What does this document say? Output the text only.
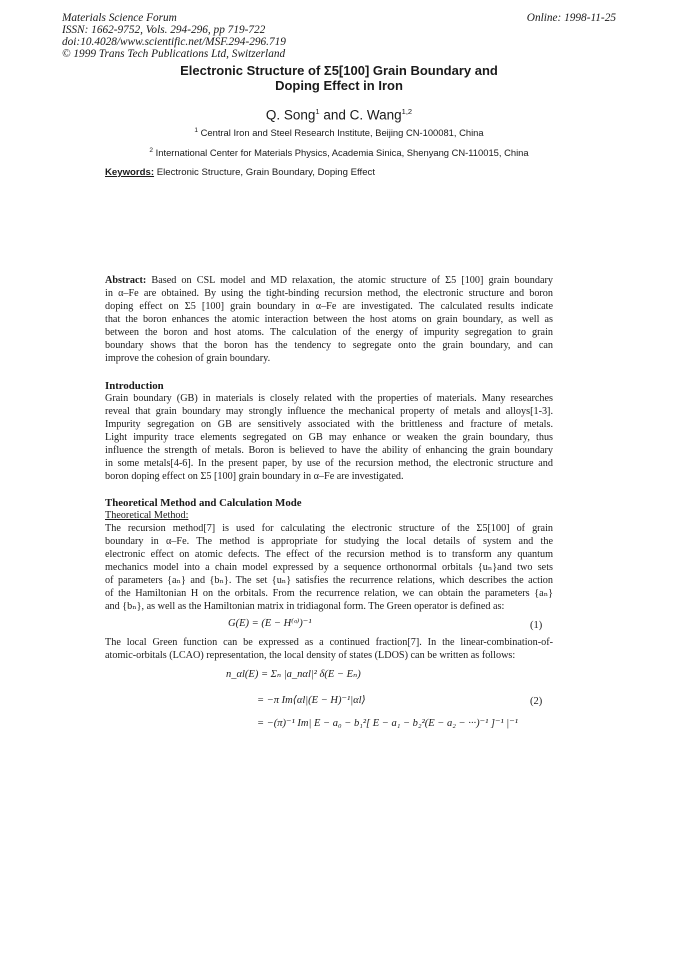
Materials Science Forum
ISSN: 1662-9752, Vols. 294-296, pp 719-722
doi:10.4028/www.scientific.net/MSF.294-296.719
© 1999 Trans Tech Publications Ltd, Switzerland
Online: 1998-11-25
Electronic Structure of Σ5[100] Grain Boundary and
Doping Effect in Iron
Q. Song$^1$ and C. Wang$^{1,2}$
$^1$ Central Iron and Steel Research Institute, Beijing CN-100081, China
$^2$ International Center for Materials Physics, Academia Sinica, Shenyang CN-110015, China
Keywords: Electronic Structure, Grain Boundary, Doping Effect
Abstract: Based on CSL model and MD relaxation, the atomic structure of Σ5 [100] grain boundary
in α–Fe are obtained. By using the tight-binding recursion method, the electronic structure and boron
doping effect on Σ5 [100] grain boundary in α–Fe are investigated. The calculated results indicate
that the boron enhances the atomic interaction between the host atoms on grain boundary, as well as
between the boron and host atoms. The calculation of the energy of impurity segregation to grain
boundary shows that the boron has the tendency to segregate onto the grain boundary, and can
improve the cohesion of grain boundary.
Introduction
Grain boundary (GB) in materials is closely related with the properties of materials. Many researches
reveal that grain boundary may strongly influence the mechanical property of metals and alloys[1-3].
Impurity segregation on GB are sensitively associated with the brittleness and fracture of metals.
Light impurity trace elements segregated on GB may enhance or weaken the grain boundary, thus
influence the strength of metals. Boron is believed to have the ability of enhancing the grain boundary
in some metals[4-6]. In the present paper, by use of the recursion method, the electronic structure and
boron doping effect on Σ5 [100] grain boundary in α–Fe are investigated.
Theoretical Method and Calculation Mode
Theoretical Method:
The recursion method[7] is used for calculating the electronic structure of the Σ5[100] of grain
boundary in α–Fe. The method is appropriate for studying the local details of system and the
electronic effect on atomic defects. The effect of the recursion method is to transform any quantum
mechanics model into a chain model expressed by a sequence orthonormal orbitals {uₙ}and two sets
of parameters {aₙ} and {bₙ}. The set {uₙ} satisfies the recurrence relations, which describes the action
of the Hamiltonian H on the orbitals. From the recurrence relation, we can obtain the parameters {aₙ}
and {bₙ}, as well as the Hamiltonian matrix in tridiagonal form. The Green operator is defined as:
G(E) = (E − H⁽ᵒ⁾)⁻¹	(1)
The local Green function can be expressed as a continued fraction[7]. In the linear-combination-of-
atomic-orbitals (LCAO) representation, the local density of states (LDOS) can be written as follows:
n_αl(E) = Σₙ |a_nαl|² δ(E − Eₙ)
= −π Im⟨αl|(E − H)⁻¹|αl⟩	(2)
= −(π)⁻¹ Im| E − a₀ − b₁²[ E − a₁ − b₂²(E − a₂ − ···)⁻¹ ]⁻¹ |⁻¹
